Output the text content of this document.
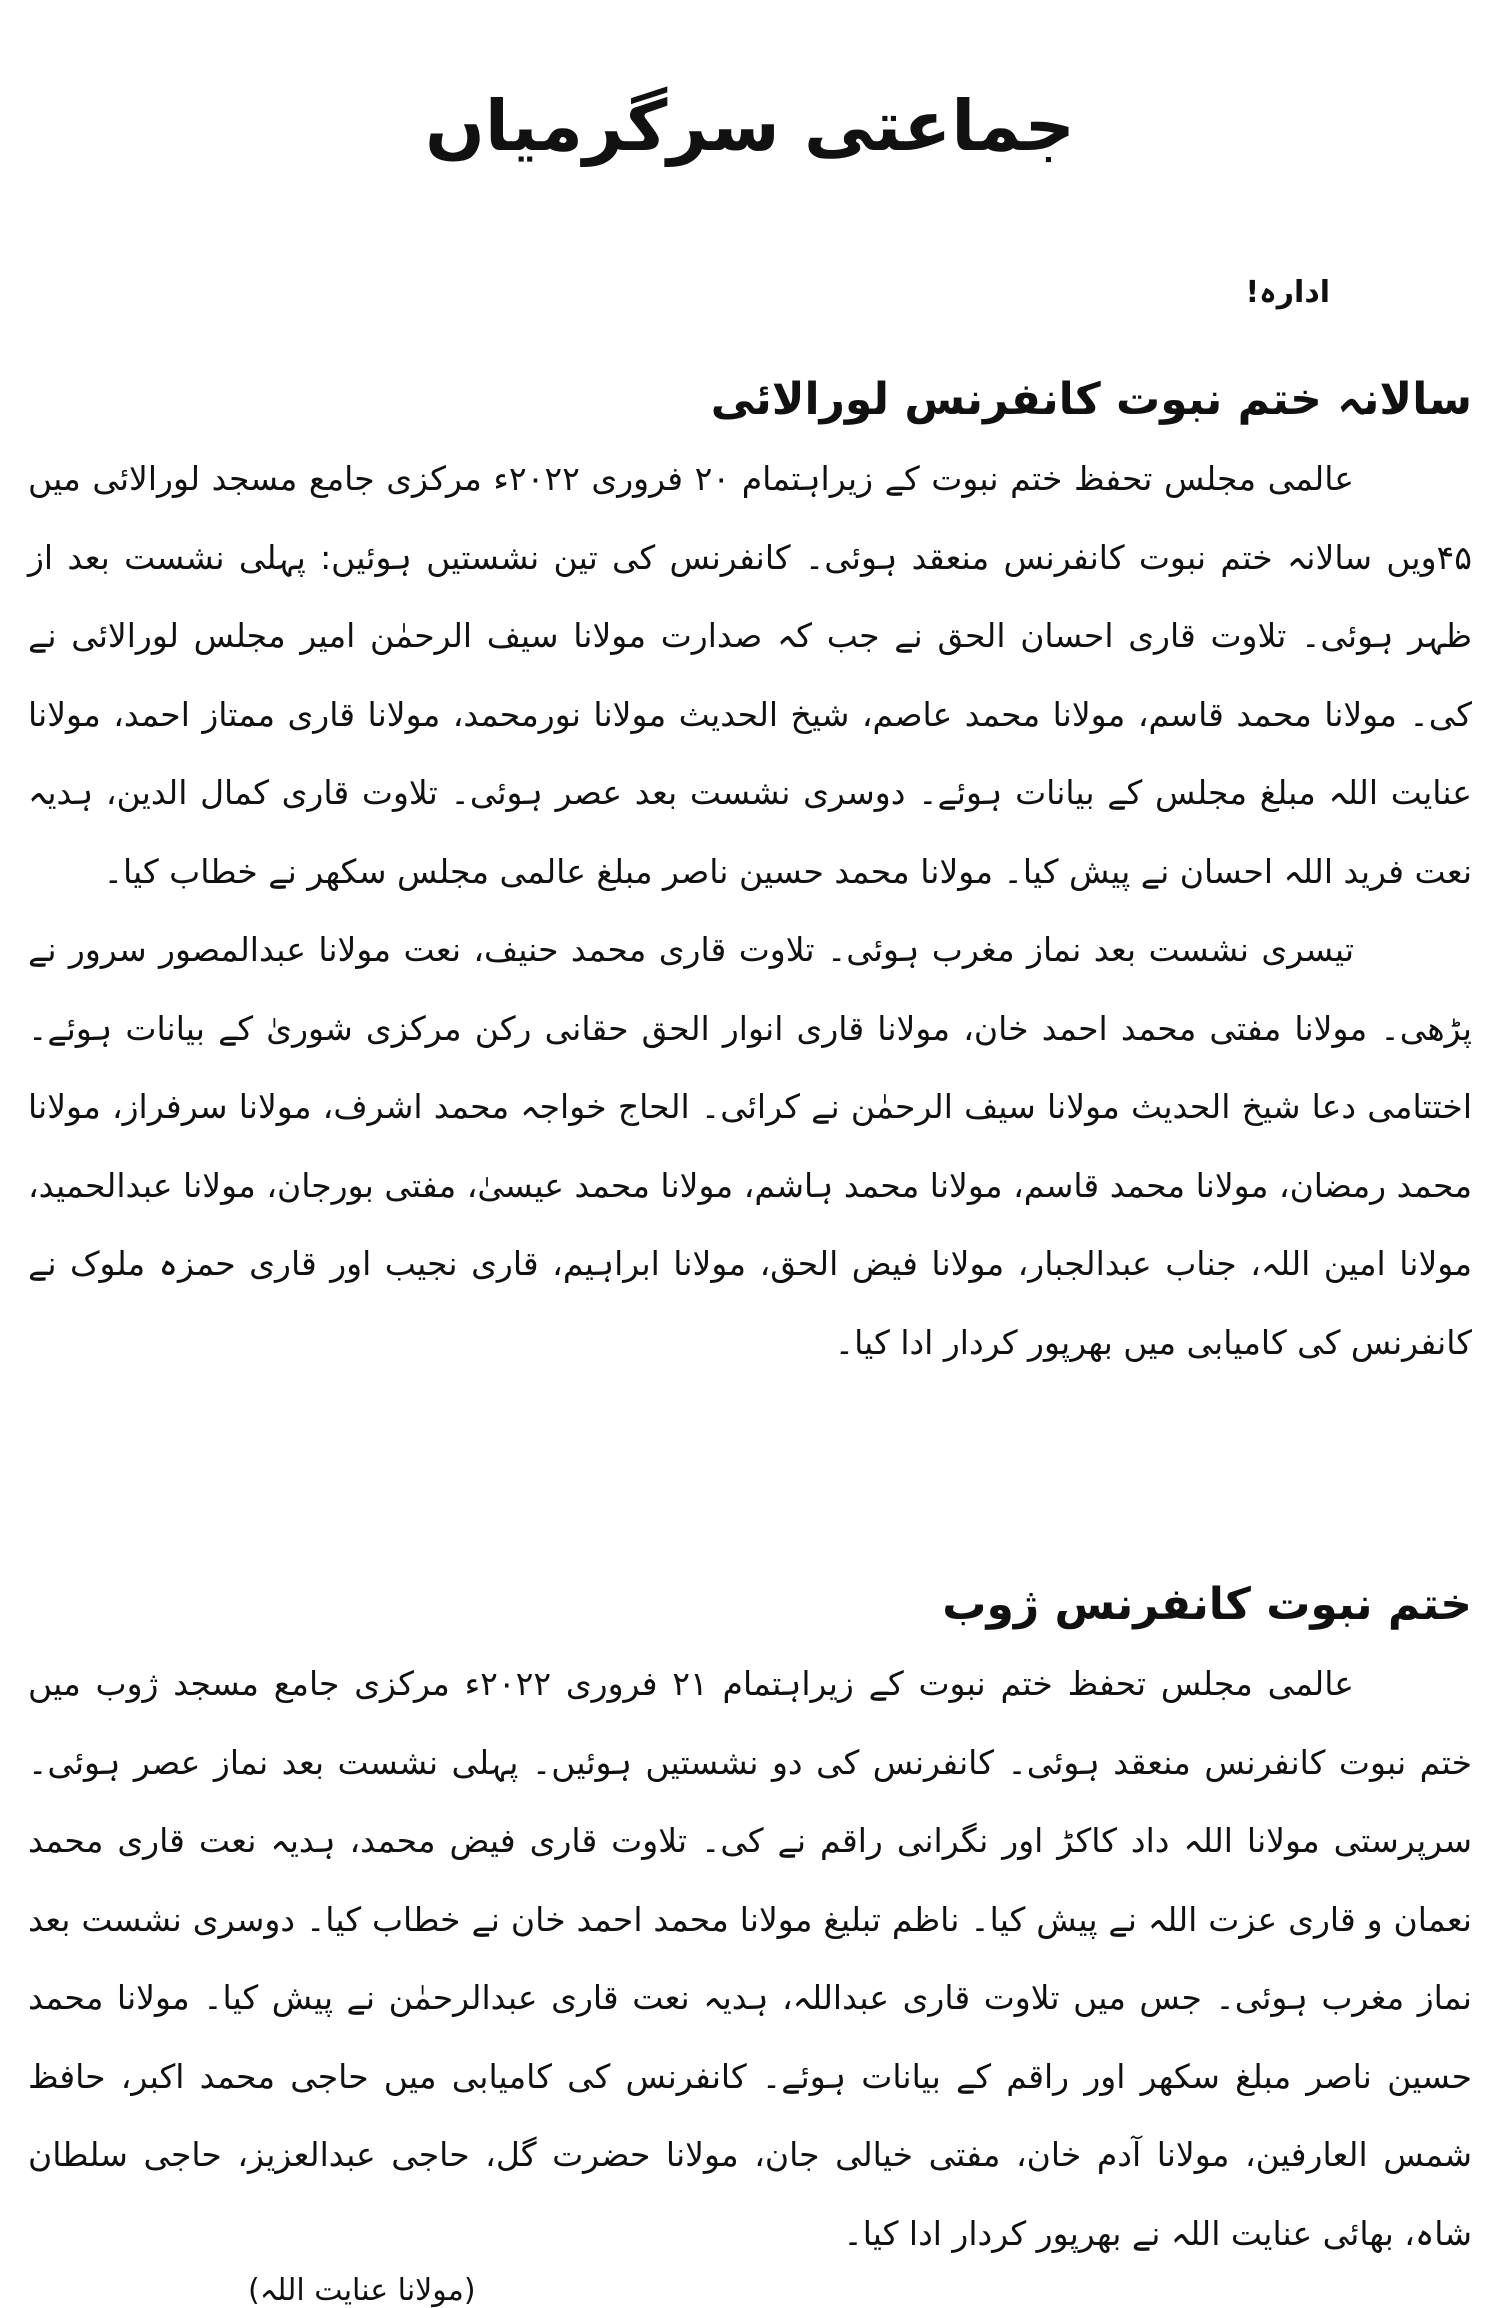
جماعتی سرگرمیاں
ادارہ!
سالانہ ختم نبوت کانفرنس لورالائی

عالمی مجلس تحفظ ختم نبوت کے زیراہتمام ۲۰ فروری ۲۰۲۲ء مرکزی جامع مسجد لورالائی میں ۴۵ویں سالانہ ختم نبوت کانفرنس منعقد ہوئی۔ کانفرنس کی تین نشستیں ہوئیں: پہلی نشست بعد از ظہر ہوئی۔ تلاوت قاری احسان الحق نے جب کہ صدارت مولانا سیف الرحمٰن امیر مجلس لورالائی نے کی۔ مولانا محمد قاسم، مولانا محمد عاصم، شیخ الحدیث مولانا نورمحمد، مولانا قاری ممتاز احمد، مولانا عنایت اللہ مبلغ مجلس کے بیانات ہوئے۔ دوسری نشست بعد عصر ہوئی۔ تلاوت قاری کمال الدین، ہدیہ نعت فرید اللہ احسان نے پیش کیا۔ مولانا محمد حسین ناصر مبلغ عالمی مجلس سکھر نے خطاب کیا۔

تیسری نشست بعد نماز مغرب ہوئی۔ تلاوت قاری محمد حنیف، نعت مولانا عبدالمصور سرور نے پڑھی۔ مولانا مفتی محمد احمد خان، مولانا قاری انوار الحق حقانی رکن مرکزی شوریٰ کے بیانات ہوئے۔ اختتامی دعا شیخ الحدیث مولانا سیف الرحمٰن نے کرائی۔ الحاج خواجہ محمد اشرف، مولانا سرفراز، مولانا محمد رمضان، مولانا محمد قاسم، مولانا محمد ہاشم، مولانا محمد عیسیٰ، مفتی بورجان، مولانا عبدالحمید، مولانا امین اللہ، جناب عبدالجبار، مولانا فیض الحق، مولانا ابراہیم، قاری نجیب اور قاری حمزہ ملوک نے کانفرنس کی کامیابی میں بھرپور کردار ادا کیا۔

ختم نبوت کانفرنس ژوب

عالمی مجلس تحفظ ختم نبوت کے زیراہتمام ۲۱ فروری ۲۰۲۲ء مرکزی جامع مسجد ژوب میں ختم نبوت کانفرنس منعقد ہوئی۔ کانفرنس کی دو نشستیں ہوئیں۔ پہلی نشست بعد نماز عصر ہوئی۔ سرپرستی مولانا اللہ داد کاکڑ اور نگرانی راقم نے کی۔ تلاوت قاری فیض محمد، ہدیہ نعت قاری محمد نعمان و قاری عزت اللہ نے پیش کیا۔ ناظم تبلیغ مولانا محمد احمد خان نے خطاب کیا۔ دوسری نشست بعد نماز مغرب ہوئی۔ جس میں تلاوت قاری عبداللہ، ہدیہ نعت قاری عبدالرحمٰن نے پیش کیا۔ مولانا محمد حسین ناصر مبلغ سکھر اور راقم کے بیانات ہوئے۔ کانفرنس کی کامیابی میں حاجی محمد اکبر، حافظ شمس العارفین، مولانا آدم خان، مفتی خیالی جان، مولانا حضرت گل، حاجی عبدالعزیز، حاجی سلطان شاہ، بھائی عنایت اللہ نے بھرپور کردار ادا کیا۔

(مولانا عنایت اللہ)
